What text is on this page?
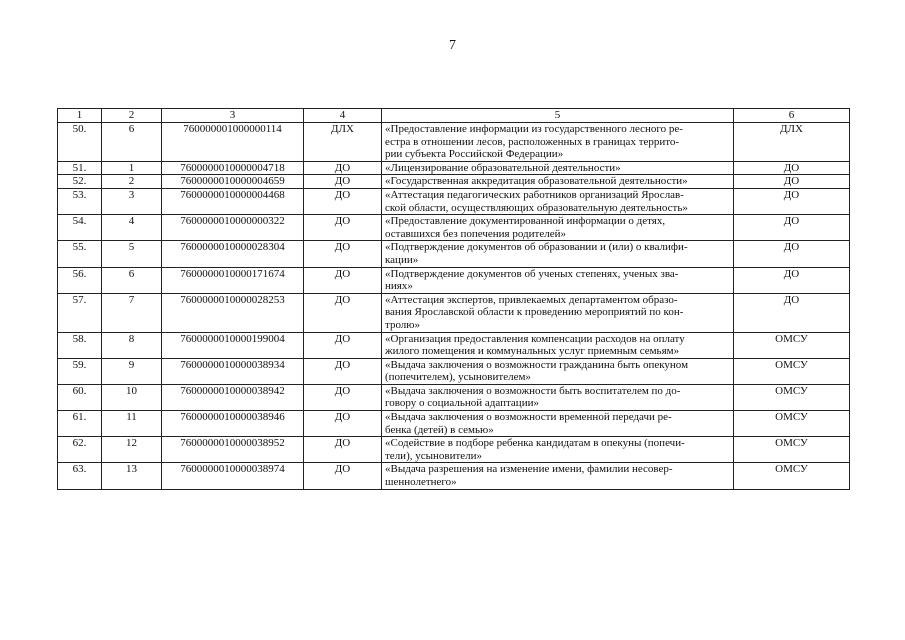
7
1	2	3	4	5	6
50.	6	760000001000000114	ДЛХ	«Предоставление информации из государственного лесного ре-
естра в отношении лесов, расположенных в границах террито-
рии субъекта Российской Федерации»	ДЛХ
51.	1	7600000010000004718	ДО	«Лицензирование образовательной деятельности»	ДО
52.	2	7600000010000004659	ДО	«Государственная аккредитация образовательной деятельности»	ДО
53.	3	7600000010000004468	ДО	«Аттестация педагогических работников организаций Ярослав-
ской области, осуществляющих образовательную деятельность»	ДО
54.	4	7600000010000000322	ДО	«Предоставление документированной информации о детях,
оставшихся без попечения родителей»	ДО
55.	5	7600000010000028304	ДО	«Подтверждение документов об образовании и (или) о квалифи-
кации»	ДО
56.	6	7600000010000171674	ДО	«Подтверждение документов об ученых степенях, ученых зва-
ниях»	ДО
57.	7	7600000010000028253	ДО	«Аттестация экспертов, привлекаемых департаментом образо-
вания Ярославской области к проведению мероприятий по кон-
тролю»	ДО
58.	8	7600000010000199004	ДО	«Организация предоставления компенсации расходов на оплату
жилого помещения и коммунальных услуг приемным семьям»	ОМСУ
59.	9	7600000010000038934	ДО	«Выдача заключения о возможности гражданина быть опекуном
(попечителем), усыновителем»	ОМСУ
60.	10	7600000010000038942	ДО	«Выдача заключения о возможности быть воспитателем по до-
говору о социальной адаптации»	ОМСУ
61.	11	7600000010000038946	ДО	«Выдача заключения о возможности временной передачи ре-
бенка (детей) в семью»	ОМСУ
62.	12	7600000010000038952	ДО	«Содействие в подборе ребенка кандидатам в опекуны (попечи-
тели), усыновители»	ОМСУ
63.	13	7600000010000038974	ДО	«Выдача разрешения на изменение имени, фамилии несовер-
шеннолетнего»	ОМСУ
